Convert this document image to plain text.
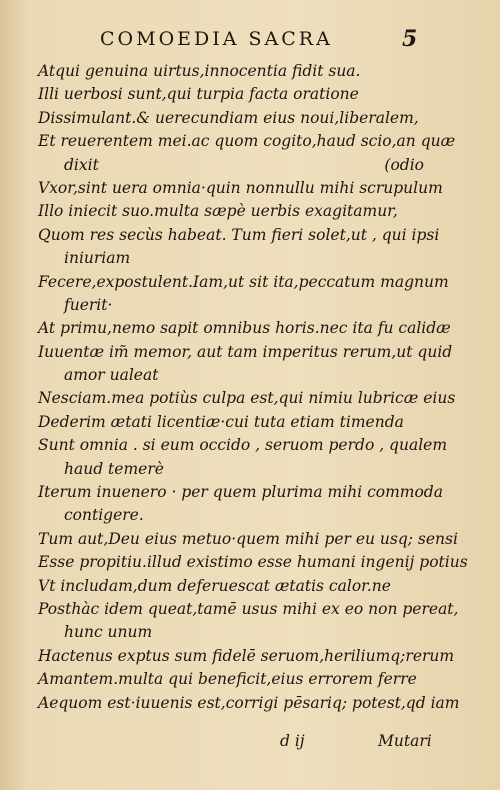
COMOEDIA SACRA	5
Atqui genuina uirtus,innocentia fidit sua.
Illi uerbosi sunt,qui turpia facta oratione
Dissimulant.& uerecundiam eius noui,liberalem,
Et reuerentem mei.ac quom cogito,haud scio,an quæ
dixit	(odio
Vxor,sint uera omnia·quin nonnullu mihi scrupulum
Illo iniecit suo.multa sæpè uerbis exagitamur,
Quom res secùs habeat. Tum fieri solet,ut , qui ipsi
iniuriam
Fecere,expostulent.Iam,ut sit ita,peccatum magnum
fuerit·
At primu,nemo sapit omnibus horis.nec ita fu calidæ
Iuuentæ im̃ memor, aut tam imperitus rerum,ut quid
amor ualeat
Nesciam.mea potiùs culpa est,qui nimiu lubricæ eius
Dederim ætati licentiæ·cui tuta etiam timenda
Sunt omnia . si eum occido , seruom perdo , qualem
haud temerè
Iterum inuenero · per quem plurima mihi commoda
contigere.
Tum aut,Deu eius metuo·quem mihi per eu usq; sensi
Esse propitiu.illud existimo esse humani ingenij potius
Vt includam,dum deferuescat ætatis calor.ne
Posthàc idem queat,tamē usus mihi ex eo non pereat,
hunc unum
Hactenus exptus sum fidelē seruom,heriliumq;rerum
Amantem.multa qui beneficit,eius errorem ferre
Aequom est·iuuenis est,corrigi pēsariq; potest,qd iam
d ij	Mutari
